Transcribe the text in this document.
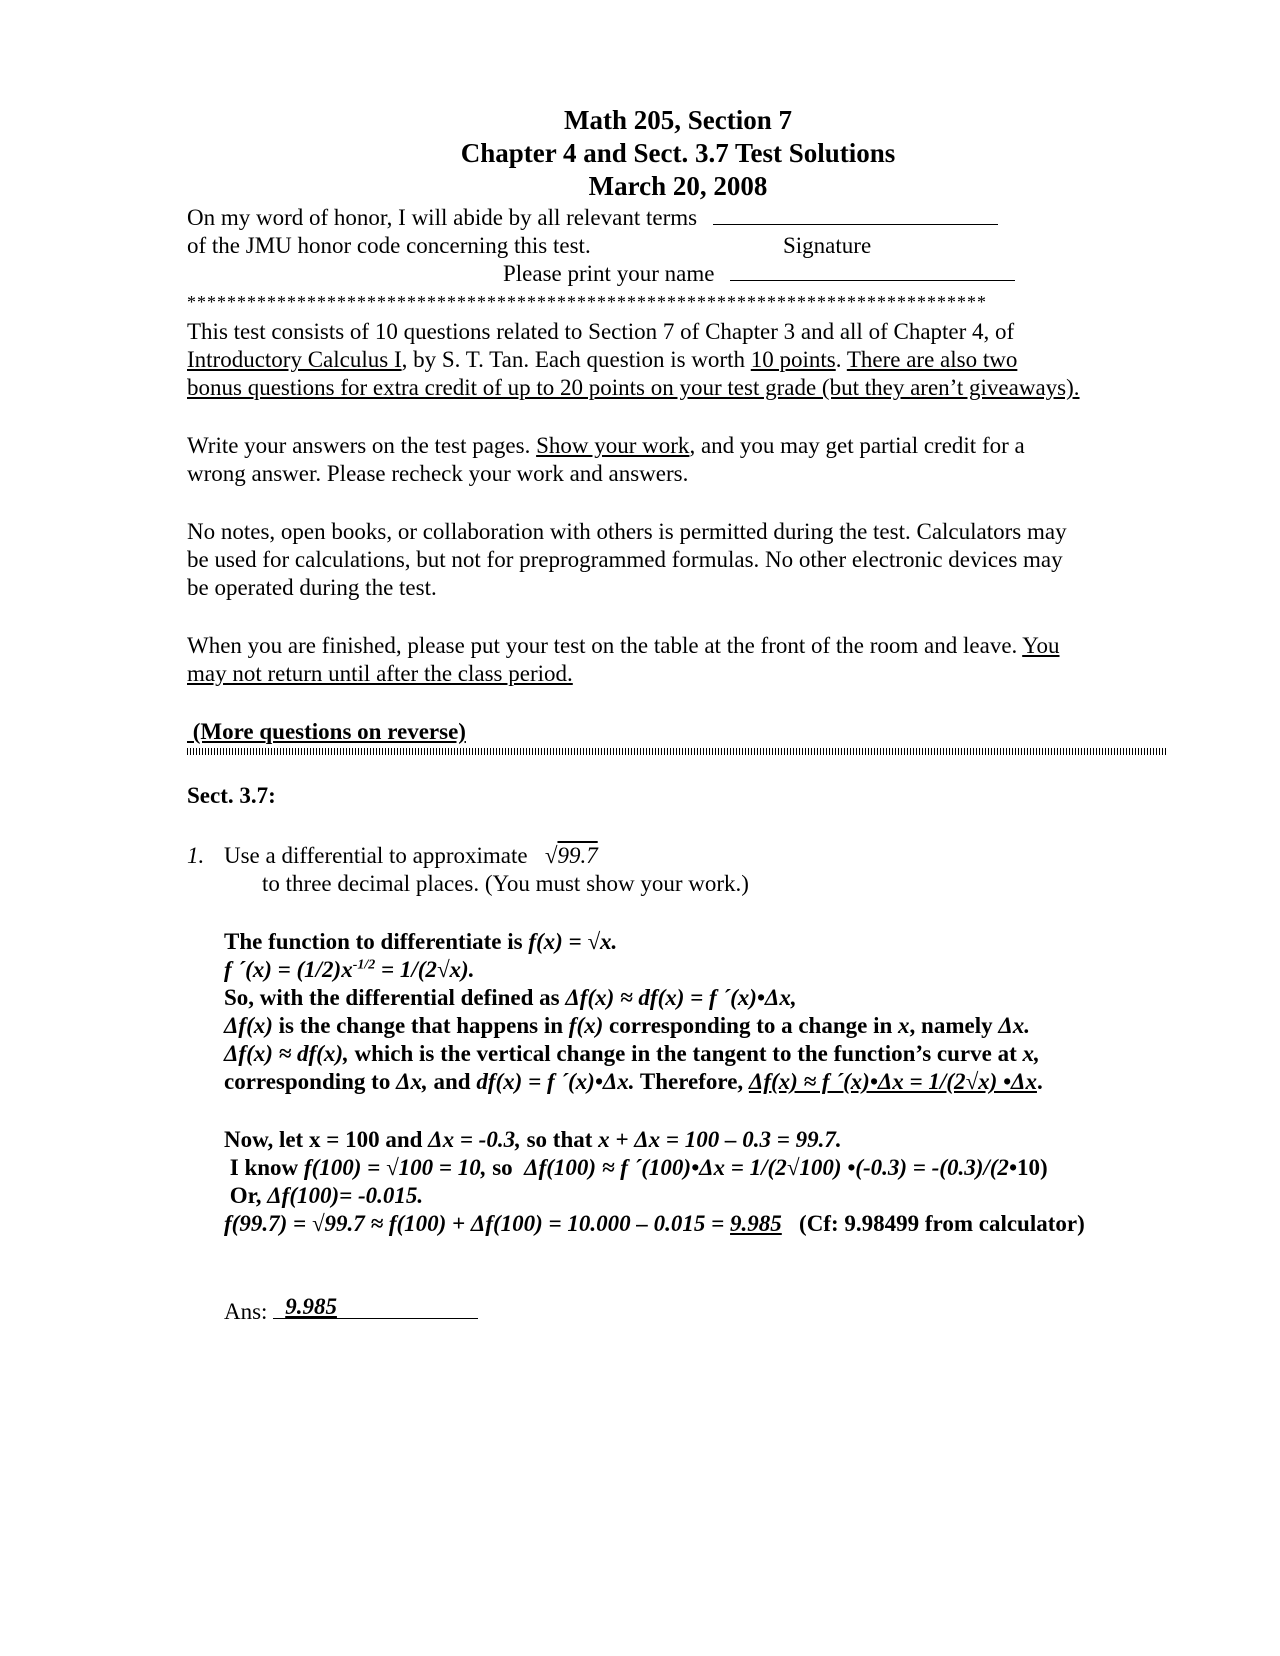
Math 205, Section 7
Chapter 4 and Sect. 3.7 Test Solutions
March 20, 2008
On my word of honor, I will abide by all relevant terms
of the JMU honor code concerning this test.	Signature
Please print your name
********************************************************************************
This test consists of 10 questions related to Section 7 of Chapter 3 and all of Chapter 4, of
Introductory Calculus I, by S. T. Tan. Each question is worth 10 points. There are also two
bonus questions for extra credit of up to 20 points on your test grade (but they aren’t giveaways).
Write your answers on the test pages. Show your work, and you may get partial credit for a
wrong answer. Please recheck your work and answers.
No notes, open books, or collaboration with others is permitted during the test. Calculators may
be used for calculations, but not for preprogrammed formulas. No other electronic devices may
be operated during the test.
When you are finished, please put your test on the table at the front of the room and leave. You
may not return until after the class period.
(More questions on reverse)
Sect. 3.7:
1. Use a differential to approximate √99.7
to three decimal places. (You must show your work.)
The function to differentiate is f(x) = √x.
f ´(x) = $(1/2)x^{-1/2} = 1/(2√x)$.
So, with the differential defined as Δf(x) ≈ df(x) = f ´(x)•Δx,
Δf(x) is the change that happens in f(x) corresponding to a change in x, namely Δx.
Δf(x) ≈ df(x), which is the vertical change in the tangent to the function’s curve at x,
corresponding to Δx, and df(x) = f ´(x)•Δx. Therefore, Δf(x) ≈ f ´(x)•Δx = 1/(2√x) •Δx.
Now, let x = 100 and Δx = -0.3, so that x + Δx = 100 – 0.3 = 99.7.
I know f(100) = √100 = 10, so  Δf(100) ≈ f ´(100)•Δx = 1/(2√100) •(-0.3) = -(0.3)/(2•10)
Or, Δf(100)= -0.015.
f(99.7) = √99.7 ≈ f(100) + Δf(100) = 10.000 – 0.015 = 9.985   (Cf: 9.98499 from calculator)
Ans: 9.985
